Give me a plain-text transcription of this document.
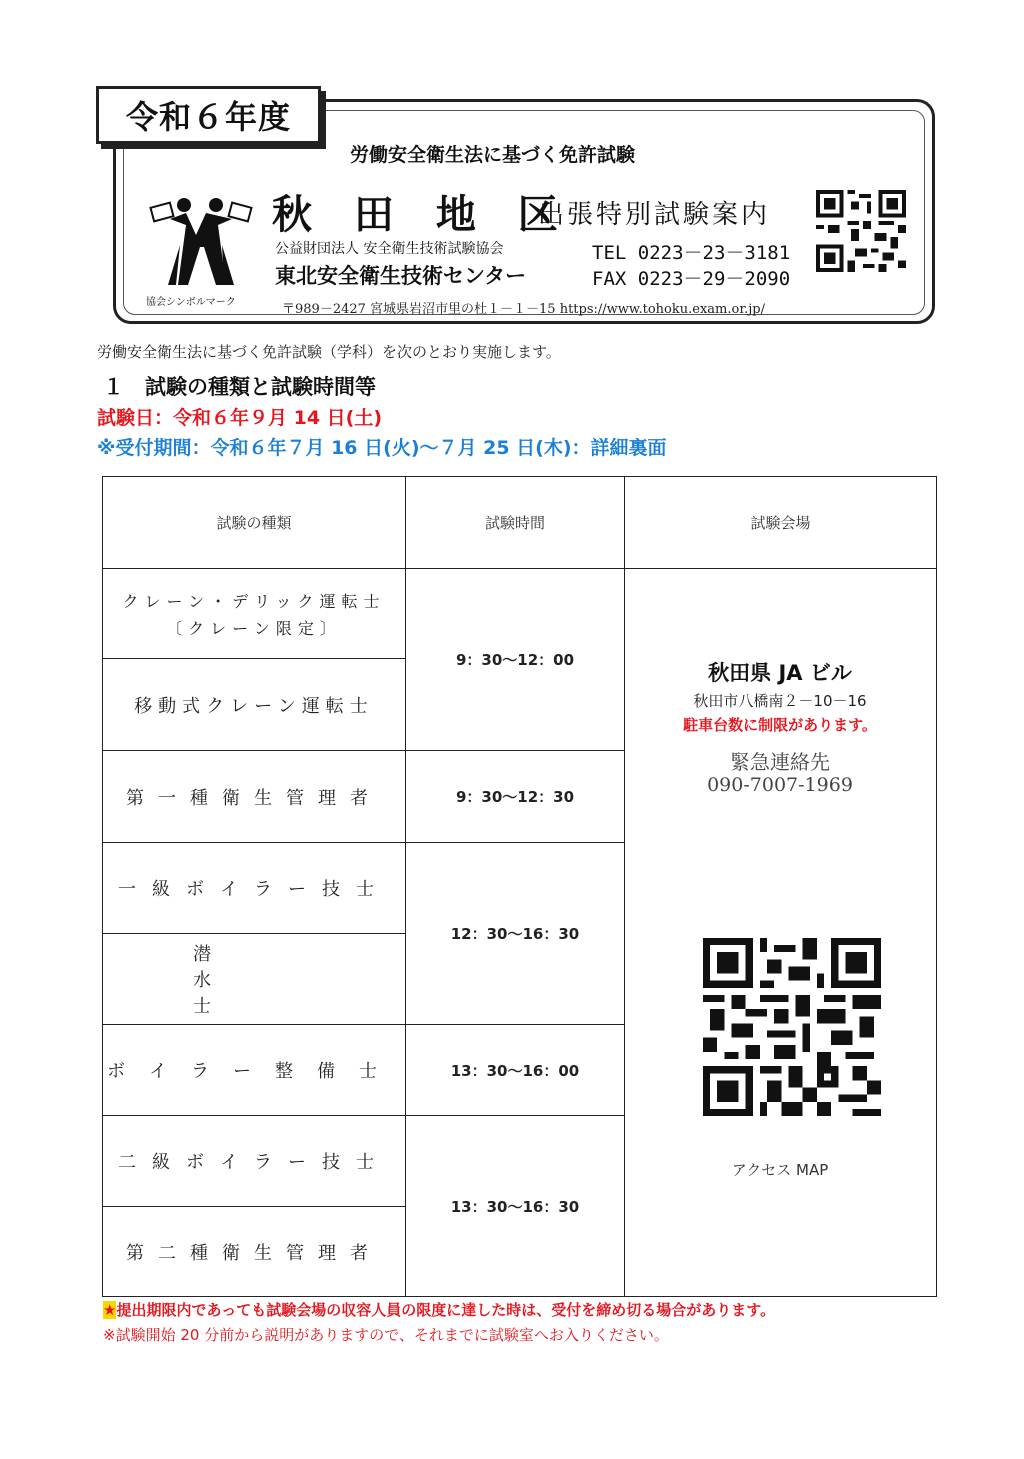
令和６年度
労働安全衛生法に基づく免許試験
秋 田 地 区
出張特別試験案内
公益財団法人 安全衛生技術試験協会
東北安全衛生技術センター
TEL 0223－23－3181
FAX 0223－29－2090
〒989－2427 宮城県岩沼市里の杜１－１－15 https://www.tohoku.exam.or.jp/
協会シンボルマーク
労働安全衛生法に基づく免許試験（学科）を次のとおり実施します。
１　試験の種類と試験時間等
試験日：令和６年９月 14 日(土)
※受付期間：令和６年７月 16 日(火)～７月 25 日(木)：詳細裏面
試験の種類	試験時間	試験会場
クレーン・デリック運転士
〔クレーン限定〕
移動式クレーン運転士
第一種衛生管理者
一級ボイラー技士
潜水士
ボイラー整備士
二級ボイラー技士
第二種衛生管理者
9：30～12：00
9：30～12：30
12：30～16：30
13：30～16：00
13：30～16：30
秋田県 JA ビル
秋田市八橋南２－10－16
駐車台数に制限があります。
緊急連絡先
090-7007-1969
アクセス MAP
★提出期限内であっても試験会場の収容人員の限度に達した時は、受付を締め切る場合があります。
※試験開始 20 分前から説明がありますので、それまでに試験室へお入りください。
